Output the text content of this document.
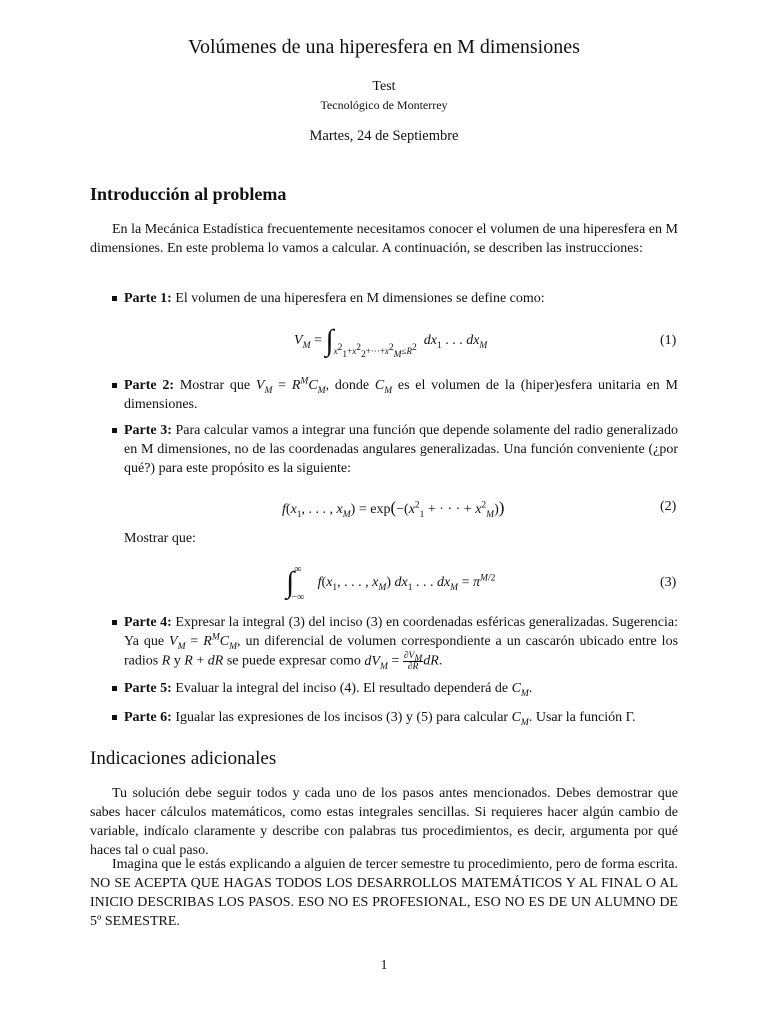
Volúmenes de una hiperesfera en M dimensiones
Test
Tecnológico de Monterrey
Martes, 24 de Septiembre
Introducción al problema
En la Mecánica Estadística frecuentemente necesitamos conocer el volumen de una hiperesfera en M dimensiones. En este problema lo vamos a calcular. A continuación, se describen las instrucciones:
Parte 1: El volumen de una hiperesfera en M dimensiones se define como:
$V_M = \int_{x^2_1+x^2_2+\cdot\cdot\cdot+x^2_M\le R^2}$ $dx_1$ . . . $dx_M$	(1)
Parte 2: Mostrar que $V_M = R^MC_M$, donde $C_M$ es el volumen de la (hiper)esfera unitaria en M dimensiones.
Parte 3: Para calcular vamos a integrar una función que depende solamente del radio generalizado en M dimensiones, no de las coordenadas angulares generalizadas. Una función conveniente (¿por qué?) para este propósito es la siguiente:
$f(x_1$, . . . , $x_M) = \exp(-(x^2_1$ + · · · + $x^2_M$))	(2)
Mostrar que:
$\int^\infty_{-\infty}$ $f(x_1$, . . . , $x_M$) $dx_1$ . . . $dx_M = \pi^{M/2}$	(3)
Parte 4: Expresar la integral (3) del inciso (3) en coordenadas esféricas generalizadas. Sugerencia: Ya que $V_M = R^MC_M$, un diferencial de volumen correspondiente a un cascarón ubicado entre los radios R y R + dR se puede expresar como $dV_M = \frac{\partial V_M}{\partial R}$ dR.
Parte 5: Evaluar la integral del inciso (4). El resultado dependerá de $C_M$.
Parte 6: Igualar las expresiones de los incisos (3) y (5) para calcular $C_M$. Usar la función Γ.
Indicaciones adicionales
Tu solución debe seguir todos y cada uno de los pasos antes mencionados. Debes demostrar que sabes hacer cálculos matemáticos, como estas integrales sencillas. Si requieres hacer algún cambio de variable, indícalo claramente y describe con palabras tus procedimientos, es decir, argumenta por qué haces tal o cual paso.
Imagina que le estás explicando a alguien de tercer semestre tu procedimiento, pero de forma escrita. NO SE ACEPTA QUE HAGAS TODOS LOS DESARROLLOS MATEMÁTICOS Y AL FINAL O AL INICIO DESCRIBAS LOS PASOS. ESO NO ES PROFESIONAL, ESO NO ES DE UN ALUMNO DE 5º SEMESTRE.
1
